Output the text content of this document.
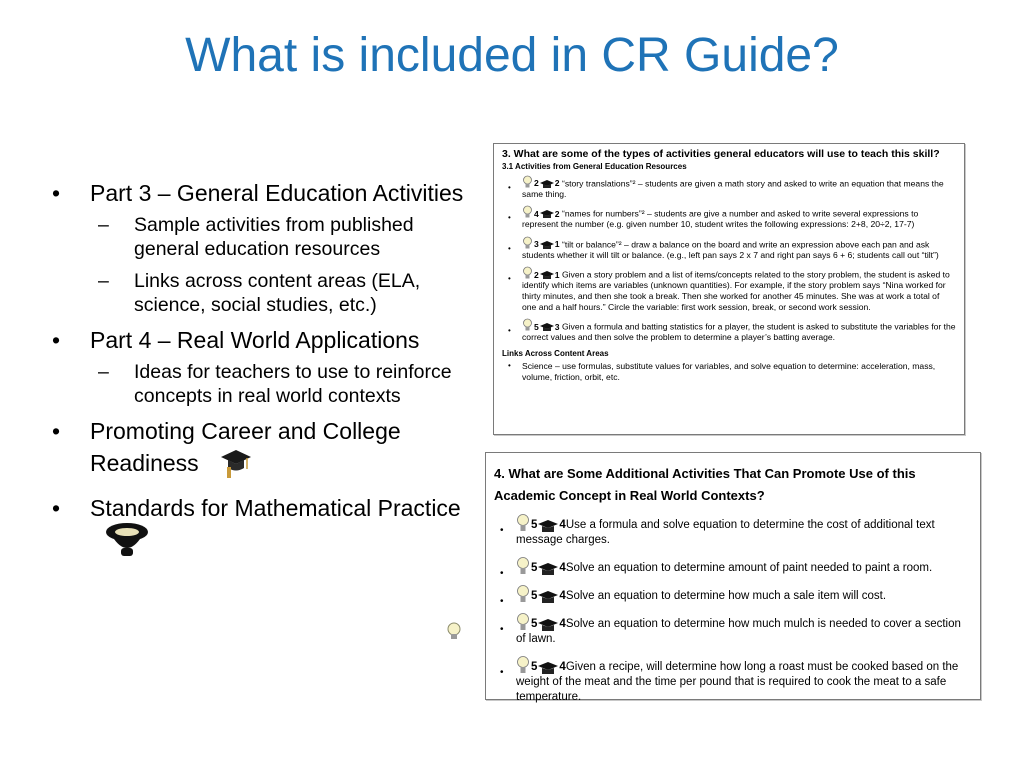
What is included in CR Guide?
• Part 3 – General Education Activities
– Sample activities from published general education resources
– Links across content areas (ELA, science, social studies, etc.)
• Part 4 – Real World Applications
– Ideas for teachers to use to reinforce concepts in real world contexts
• Promoting Career and College Readiness
• Standards for Mathematical Practice
3. What are some of the types of activities general educators will use to teach this skill?
3.1 Activities from General Education Resources
•	2 2 “story translations”² – students are given a math story and asked to write an equation that means the same thing.
•	4 2 “names for numbers”² – students are give a number and asked to write several expressions to represent the number (e.g. given number 10, student writes the following expressions: 2+8, 20÷2, 17-7)
•	3 1 “tilt or balance”² – draw a balance on the board and write an expression above each pan and ask students whether it will tilt or balance. (e.g., left pan says 2 x 7 and right pan says 6 + 6; students call out “tilt”)
•	2 1 Given a story problem and a list of items/concepts related to the story problem, the student is asked to identify which items are variables (unknown quantities). For example, if the story problem says “Nina worked for thirty minutes, and then she took a break. Then she worked for another 45 minutes. She was at work a total of one and a half hours.” Circle the variable: first work session, break, or second work session.
•	5 3 Given a formula and batting statistics for a player, the student is asked to substitute the variables for the correct values and then solve the problem to determine a player’s batting average.
Links Across Content Areas
• Science – use formulas, substitute values for variables, and solve equation to determine: acceleration, mass, volume, friction, orbit, etc.
4. What are Some Additional Activities That Can Promote Use of this Academic Concept in Real World Contexts?
• 5 4 Use a formula and solve equation to determine the cost of additional text message charges.
• 5 4 Solve an equation to determine amount of paint needed to paint a room.
• 5 4 Solve an equation to determine how much a sale item will cost.
• 5 4 Solve an equation to determine how much mulch is needed to cover a section of lawn.
• 5 4 Given a recipe, will determine how long a roast must be cooked based on the weight of the meat and the time per pound that is required to cook the meat to a safe temperature.
